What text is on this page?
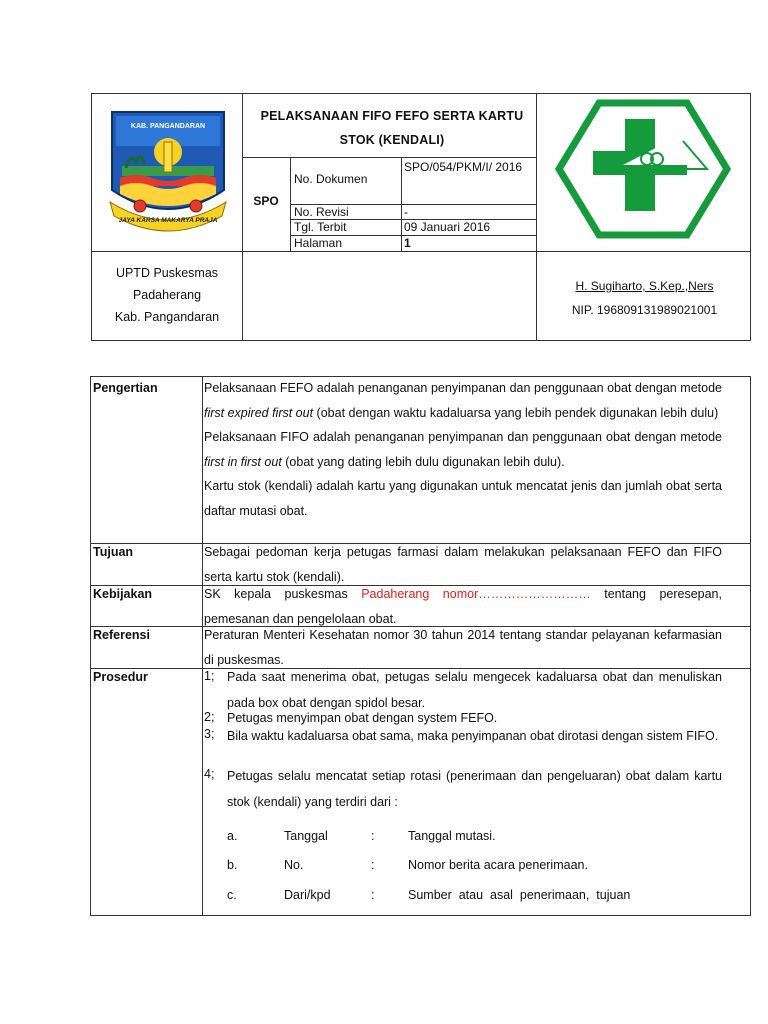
KAB. PANGANDARAN
JAYA KARSA MAKARYA PRAJA
PELAKSANAAN FIFO FEFO SERTA KARTU STOK (KENDALI)
SPO
No. Dokumen
SPO/054/PKM/I/ 2016
No. Revisi	-
Tgl. Terbit	09 Januari 2016
Halaman	1
UPTD Puskesmas
Padaherang
Kab. Pangandaran
H. Sugiharto, S.Kep.,Ners
NIP. 196809131989021001
Pengertian	Pelaksanaan FEFO adalah penanganan penyimpanan dan penggunaan obat dengan metode first expired first out (obat dengan waktu kadaluarsa yang lebih pendek digunakan lebih dulu)
Pelaksanaan FIFO adalah penanganan penyimpanan dan penggunaan obat dengan metode first in first out (obat yang dating lebih dulu digunakan lebih dulu).
Kartu stok (kendali) adalah kartu yang digunakan untuk mencatat jenis dan jumlah obat serta daftar mutasi obat.
Tujuan	Sebagai pedoman kerja petugas farmasi dalam melakukan pelaksanaan FEFO dan FIFO serta kartu stok (kendali).
Kebijakan	SK kepala puskesmas Padaherang nomor……………………… tentang peresepan, pemesanan dan pengelolaan obat.
Referensi	Peraturan Menteri Kesehatan nomor 30 tahun 2014 tentang standar pelayanan kefarmasian di puskesmas.
Prosedur	1; Pada saat menerima obat, petugas selalu mengecek kadaluarsa obat dan menuliskan pada box obat dengan spidol besar.
2; Petugas menyimpan obat dengan system FEFO.
3; Bila waktu kadaluarsa obat sama, maka penyimpanan obat dirotasi dengan sistem FIFO.
4; Petugas selalu mencatat setiap rotasi (penerimaan dan pengeluaran) obat dalam kartu stok (kendali) yang terdiri dari :
a.	Tanggal	:	Tanggal mutasi.
b.	No.	:	Nomor berita acara penerimaan.
c.	Dari/kpd	:	Sumber  atau  asal  penerimaan,  tujuan
